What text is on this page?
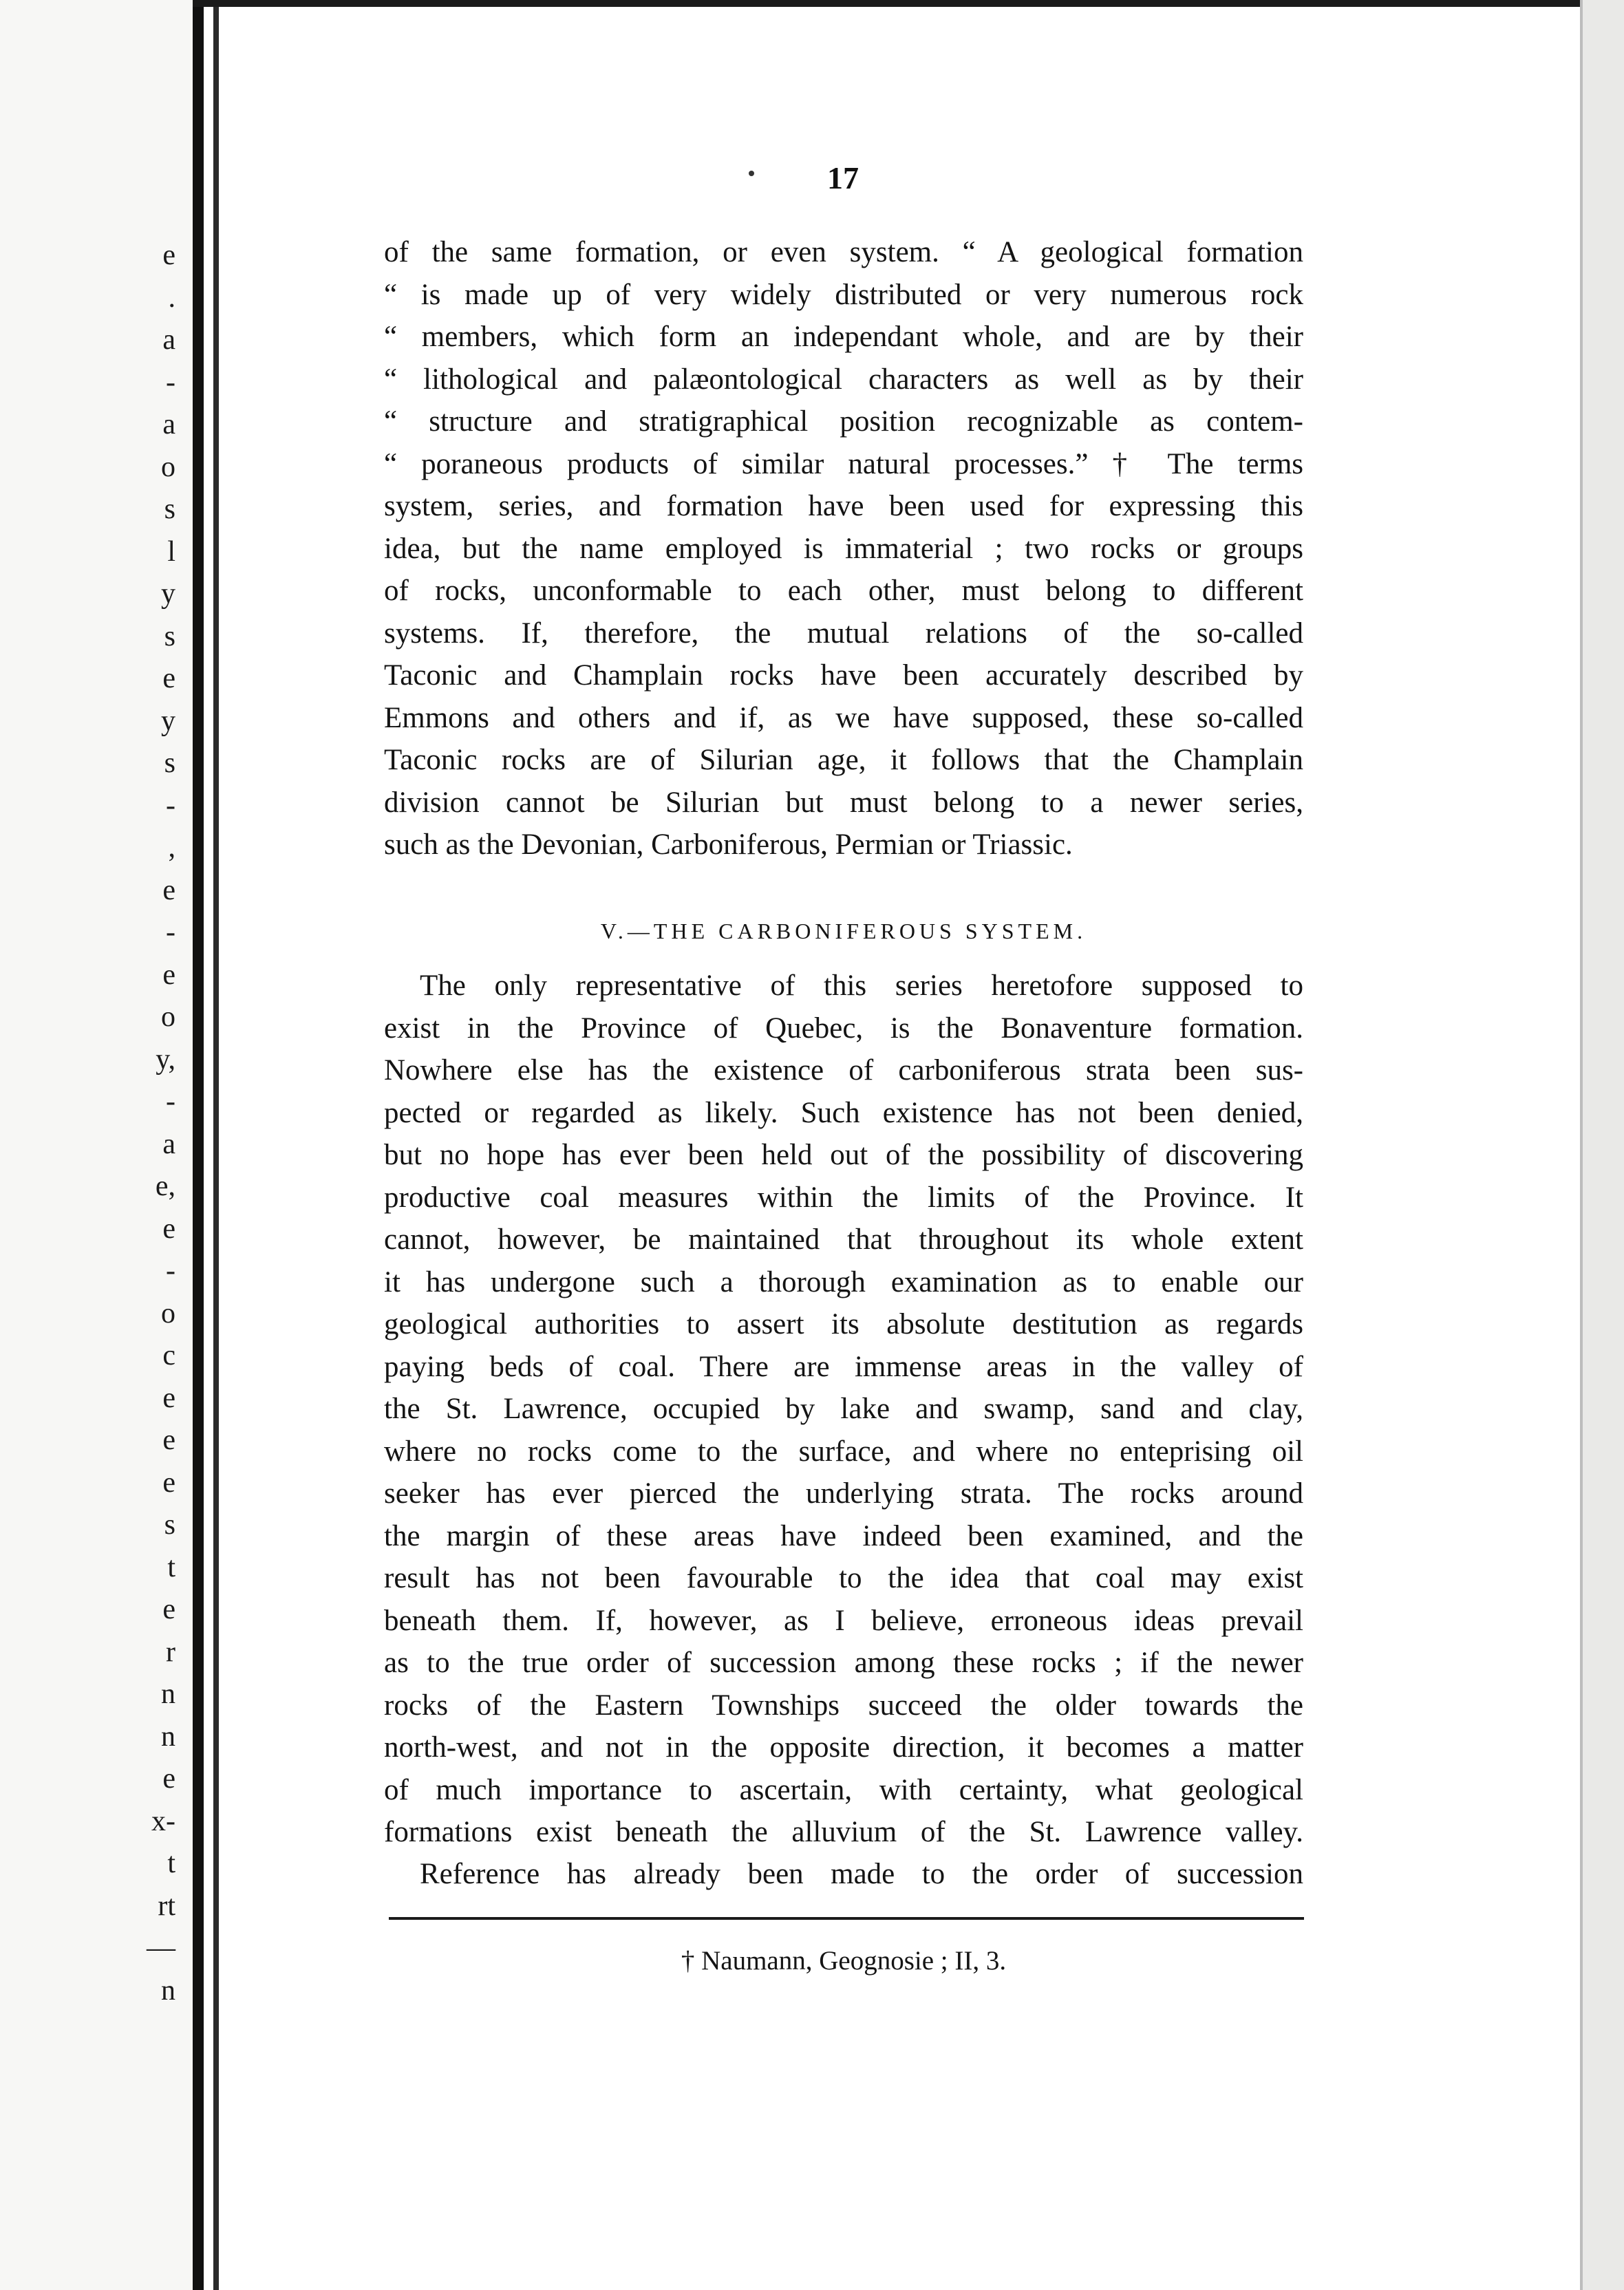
e
.
a
-
a
o
s
l
y
s
e
y
s
-
,
e
-
e
o
y,
-
a
e,
e
-
o
c
e
e
e
s
t
e
r
n
n
e
x-
t
rt
—
n
17
of the same formation, or even system. “ A geological formation
“ is made up of very widely distributed or very numerous rock
“ members, which form an independant whole, and are by their
“ lithological and palæontological characters as well as by their
“ structure and stratigraphical position recognizable as contem-
“ poraneous products of similar natural processes.” † The terms
system, series, and formation have been used for expressing this
idea, but the name employed is immaterial ; two rocks or groups
of rocks, unconformable to each other, must belong to different
systems. If, therefore, the mutual relations of the so-called
Taconic and Champlain rocks have been accurately described by
Emmons and others and if, as we have supposed, these so-called
Taconic rocks are of Silurian age, it follows that the Champlain
division cannot be Silurian but must belong to a newer series,
such as the Devonian, Carboniferous, Permian or Triassic.
V.—THE CARBONIFEROUS SYSTEM.
The only representative of this series heretofore supposed to
exist in the Province of Quebec, is the Bonaventure formation.
Nowhere else has the existence of carboniferous strata been sus-
pected or regarded as likely. Such existence has not been denied,
but no hope has ever been held out of the possibility of discovering
productive coal measures within the limits of the Province. It
cannot, however, be maintained that throughout its whole extent
it has undergone such a thorough examination as to enable our
geological authorities to assert its absolute destitution as regards
paying beds of coal. There are immense areas in the valley of
the St. Lawrence, occupied by lake and swamp, sand and clay,
where no rocks come to the surface, and where no enteprising oil
seeker has ever pierced the underlying strata. The rocks around
the margin of these areas have indeed been examined, and the
result has not been favourable to the idea that coal may exist
beneath them. If, however, as I believe, erroneous ideas prevail
as to the true order of succession among these rocks ; if the newer
rocks of the Eastern Townships succeed the older towards the
north-west, and not in the opposite direction, it becomes a matter
of much importance to ascertain, with certainty, what geological
formations exist beneath the alluvium of the St. Lawrence valley.
Reference has already been made to the order of succession
† Naumann, Geognosie ; II, 3.
